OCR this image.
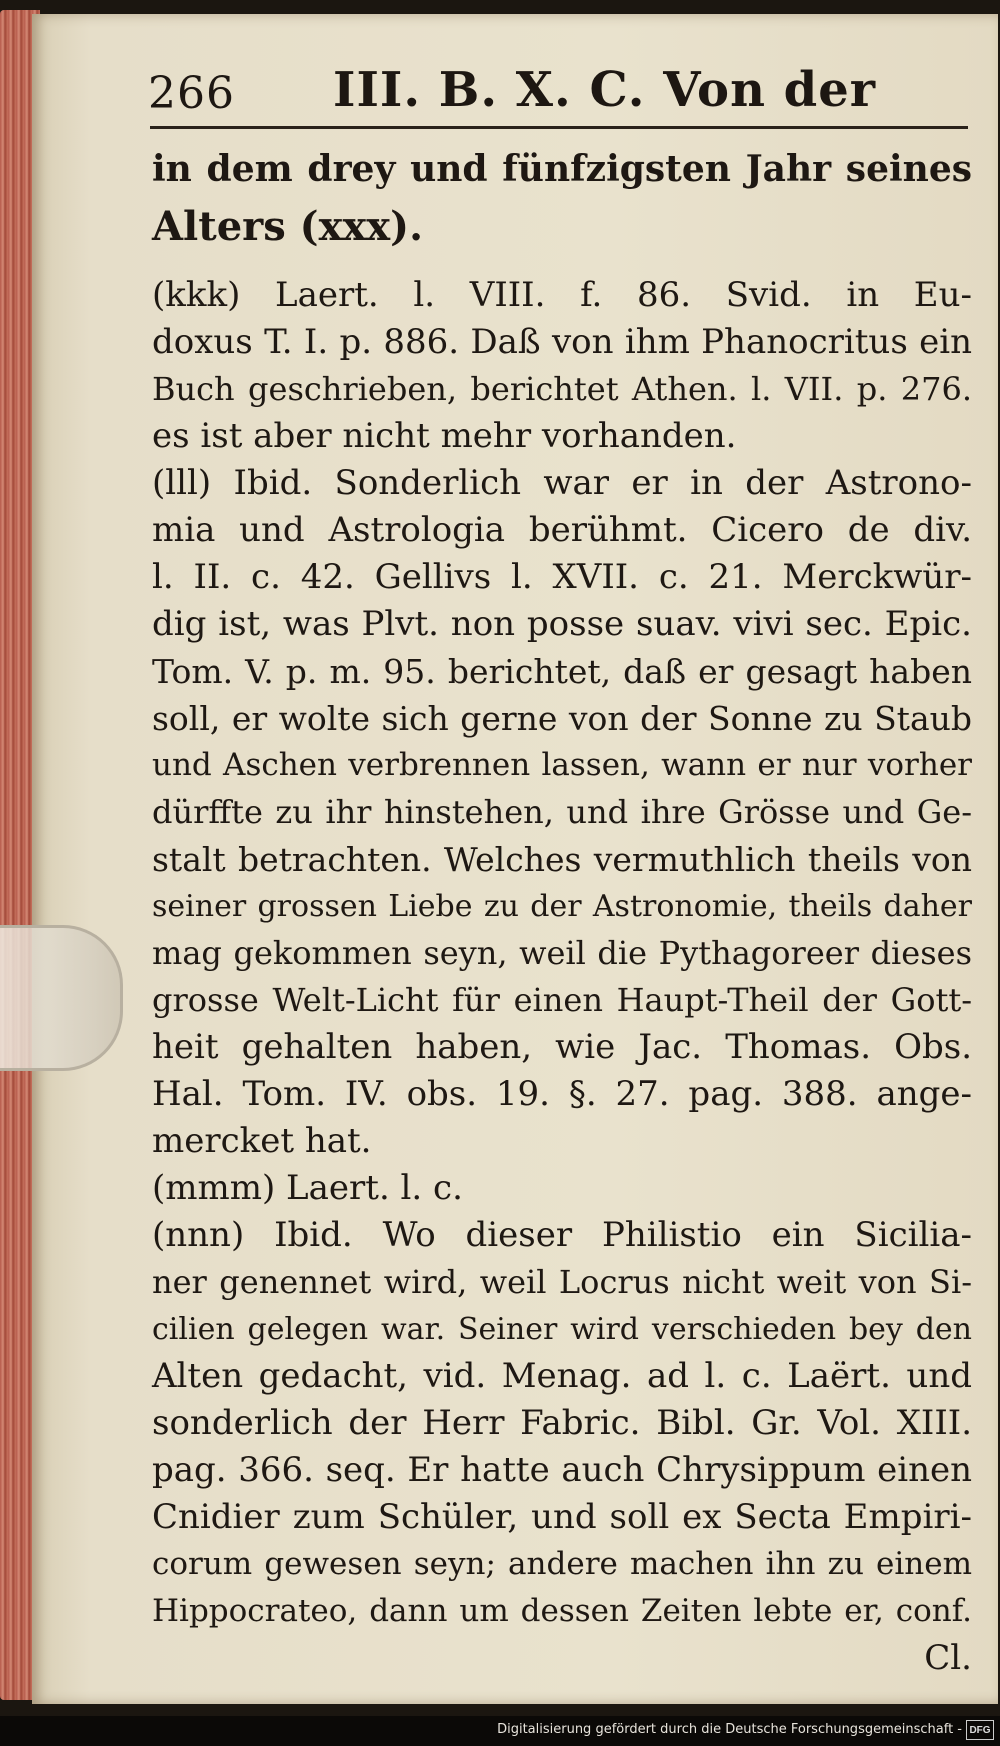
266 III. B. X. C. Von der
in dem drey und fünfzigsten Jahr seines
Alters (xxx).
(kkk) Laert. l. VIII. f. 86. Svid. in Eu-
doxus T. I. p. 886. Daß von ihm Phanocritus ein
Buch geschrieben, berichtet Athen. l. VII. p. 276.
es ist aber nicht mehr vorhanden.
(lll) Ibid. Sonderlich war er in der Astrono-
mia und Astrologia berühmt. Cicero de div.
l. II. c. 42. Gellivs l. XVII. c. 21. Merckwür-
dig ist, was Plvt. non posse suav. vivi sec. Epic.
Tom. V. p. m. 95. berichtet, daß er gesagt haben
soll, er wolte sich gerne von der Sonne zu Staub
und Aschen verbrennen lassen, wann er nur vorher
dürffte zu ihr hinstehen, und ihre Grösse und Ge-
stalt betrachten. Welches vermuthlich theils von
seiner grossen Liebe zu der Astronomie, theils daher
mag gekommen seyn, weil die Pythagoreer dieses
grosse Welt-Licht für einen Haupt-Theil der Gott-
heit gehalten haben, wie Jac. Thomas. Obs.
Hal. Tom. IV. obs. 19. §. 27. pag. 388. ange-
mercket hat.
(mmm) Laert. l. c.
(nnn) Ibid. Wo dieser Philistio ein Sicilia-
ner genennet wird, weil Locrus nicht weit von Si-
cilien gelegen war. Seiner wird verschieden bey den
Alten gedacht, vid. Menag. ad l. c. Laërt. und
sonderlich der Herr Fabric. Bibl. Gr. Vol. XIII.
pag. 366. seq. Er hatte auch Chrysippum einen
Cnidier zum Schüler, und soll ex Secta Empiri-
corum gewesen seyn; andere machen ihn zu einem
Hippocrateo, dann um dessen Zeiten lebte er, conf.
Cl.
Digitalisierung gefördert durch die Deutsche Forschungsgemeinschaft - DFG
